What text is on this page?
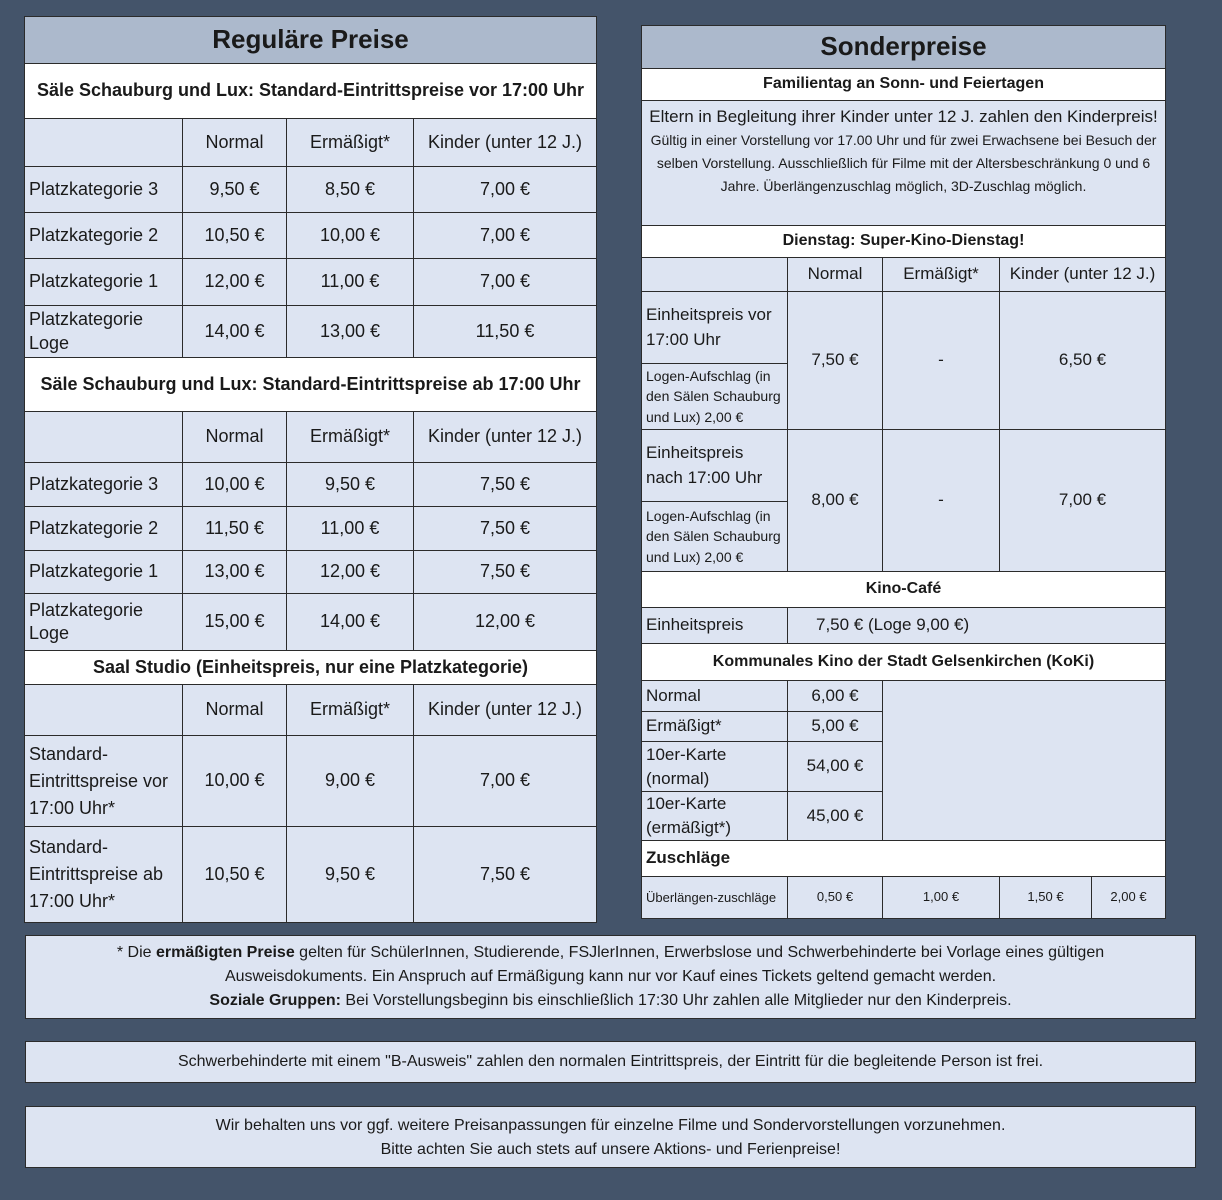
Reguläre Preise			
Säle Schauburg und Lux: Standard-Eintrittspreise vor 17:00 Uhr			
	Normal	Ermäßigt*	Kinder (unter 12 J.)
Platzkategorie 3	9,50 €	8,50 €	7,00 €
Platzkategorie 2	10,50 €	10,00 €	7,00 €
Platzkategorie 1	12,00 €	11,00 €	7,00 €
Platzkategorie Loge	14,00 €	13,00 €	11,50 €
Säle Schauburg und Lux: Standard-Eintrittspreise ab 17:00 Uhr			
	Normal	Ermäßigt*	Kinder (unter 12 J.)
Platzkategorie 3	10,00 €	9,50 €	7,50 €
Platzkategorie 2	11,50 €	11,00 €	7,50 €
Platzkategorie 1	13,00 €	12,00 €	7,50 €
Platzkategorie Loge	15,00 €	14,00 €	12,00 €
Saal Studio (Einheitspreis, nur eine Platzkategorie)			
	Normal	Ermäßigt*	Kinder (unter 12 J.)
Standard-Eintrittspreise vor 17:00 Uhr*	10,00 €	9,00 €	7,00 €
Standard-Eintrittspreise ab 17:00 Uhr*	10,50 €	9,50 €	7,50 €
Sonderpreise				
Familientag an Sonn- und Feiertagen				

Eltern in Begleitung ihrer Kinder unter 12 J. zahlen den Kinderpreis!
Gültig in einer Vorstellung vor 17.00 Uhr und für zwei Erwachsene bei Besuch der selben Vorstellung. Ausschließlich für Filme mit der Altersbeschränkung 0 und 6 Jahre. Überlängenzuschlag möglich, 3D-Zuschlag möglich.				

Dienstag: Super-Kino-Dienstag!				
	Normal	Ermäßigt*	Kinder (unter 12 J.)	
Einheitspreis vor 17:00 Uhr	7,50 €	-	6,50 €	
Logen-Aufschlag (in den Sälen Schauburg und Lux) 2,00 €				
Einheitspreis nach 17:00 Uhr	8,00 €	-	7,00 €	
Logen-Aufschlag (in den Sälen Schauburg und Lux) 2,00 €				
Kino-Café				
Einheitspreis	7,50 € (Loge 9,00 €)			
Kommunales Kino der Stadt Gelsenkirchen (KoKi)				
Normal	6,00 €			
Ermäßigt*	5,00 €			
10er-Karte (normal)	54,00 €			
10er-Karte (ermäßigt*)	45,00 €			
Zuschläge				
Überlängen-zuschläge	0,50 €	1,00 €	1,50 €	2,00 €
* Die ermäßigten Preise gelten für SchülerInnen, Studierende, FSJlerInnen, Erwerbslose und Schwerbehinderte bei Vorlage eines gültigen
Ausweisdokuments. Ein Anspruch auf Ermäßigung kann nur vor Kauf eines Tickets geltend gemacht werden.
Soziale Gruppen: Bei Vorstellungsbeginn bis einschließlich 17:30 Uhr zahlen alle Mitglieder nur den Kinderpreis.
Schwerbehinderte mit einem "B-Ausweis" zahlen den normalen Eintrittspreis, der Eintritt für die begleitende Person ist frei.
Wir behalten uns vor ggf. weitere Preisanpassungen für einzelne Filme und Sondervorstellungen vorzunehmen.
Bitte achten Sie auch stets auf unsere Aktions- und Ferienpreise!
